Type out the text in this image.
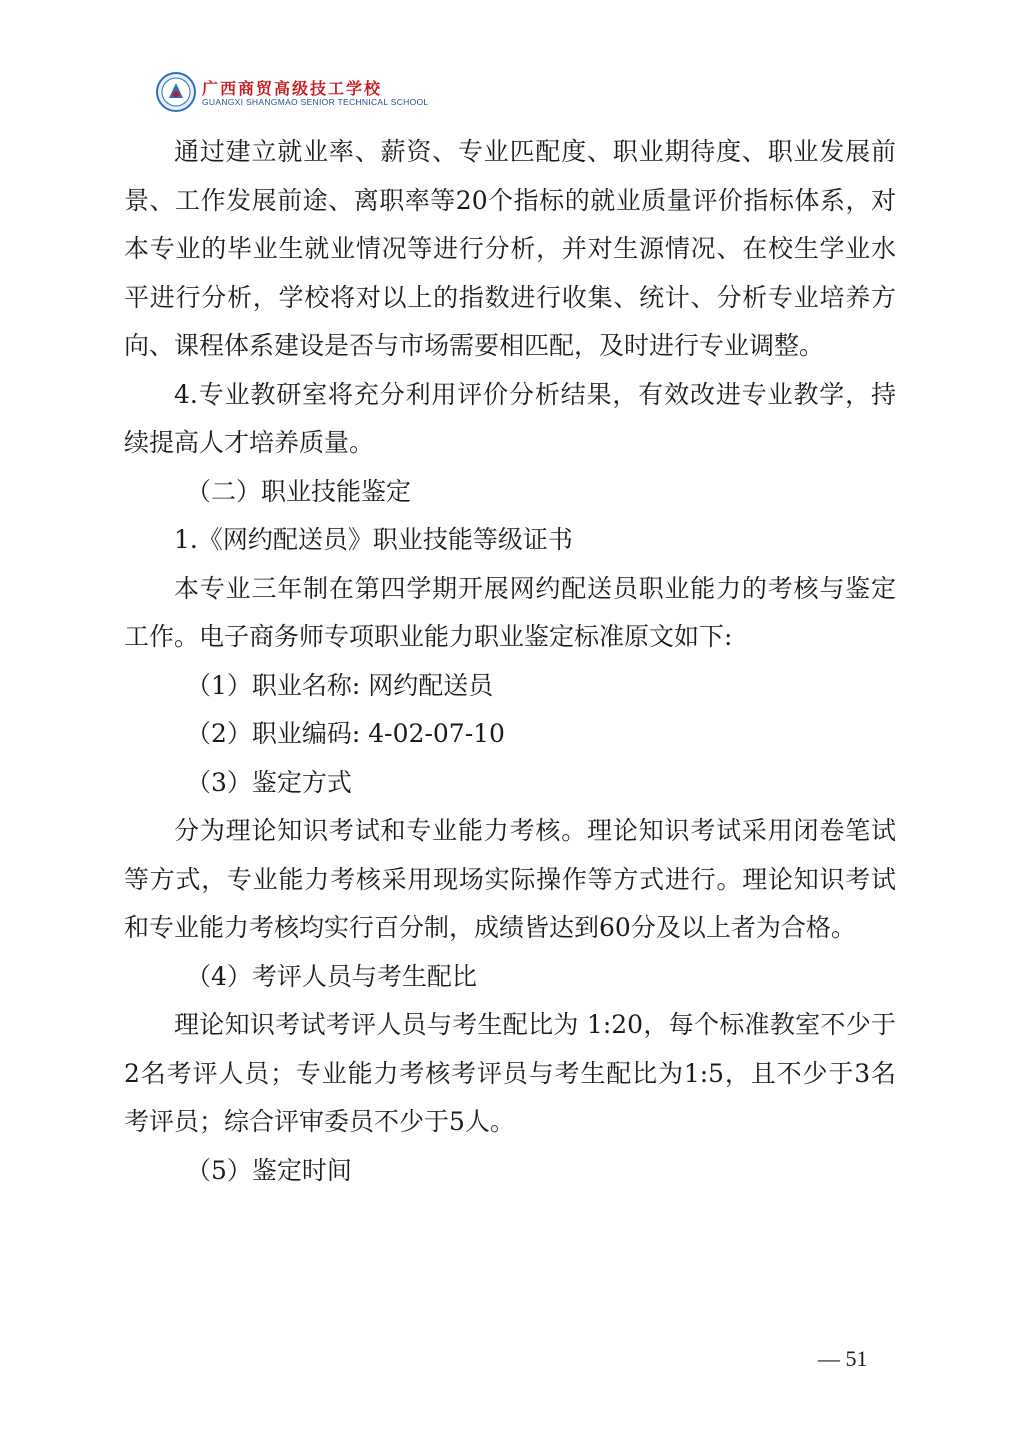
广西商贸高级技工学校
GUANGXI SHANGMAO SENIOR TECHNICAL SCHOOL

通过建立就业率、薪资、专业匹配度、职业期待度、职业发展前景、工作发展前途、离职率等20个指标的就业质量评价指标体系，对本专业的毕业生就业情况等进行分析，并对生源情况、在校生学业水平进行分析，学校将对以上的指数进行收集、统计、分析专业培养方向、课程体系建设是否与市场需要相匹配，及时进行专业调整。

4.专业教研室将充分利用评价分析结果，有效改进专业教学，持续提高人才培养质量。

（二）职业技能鉴定

1.《网约配送员》职业技能等级证书

本专业三年制在第四学期开展网约配送员职业能力的考核与鉴定工作。电子商务师专项职业能力职业鉴定标准原文如下:

（1）职业名称: 网约配送员

（2）职业编码: 4-02-07-10

（3）鉴定方式

分为理论知识考试和专业能力考核。理论知识考试采用闭卷笔试等方式，专业能力考核采用现场实际操作等方式进行。理论知识考试和专业能力考核均实行百分制，成绩皆达到60分及以上者为合格。

（4）考评人员与考生配比

理论知识考试考评人员与考生配比为 1:20，每个标准教室不少于2名考评人员；专业能力考核考评员与考生配比为1:5，且不少于3名考评员；综合评审委员不少于5人。

（5）鉴定时间

— 51
